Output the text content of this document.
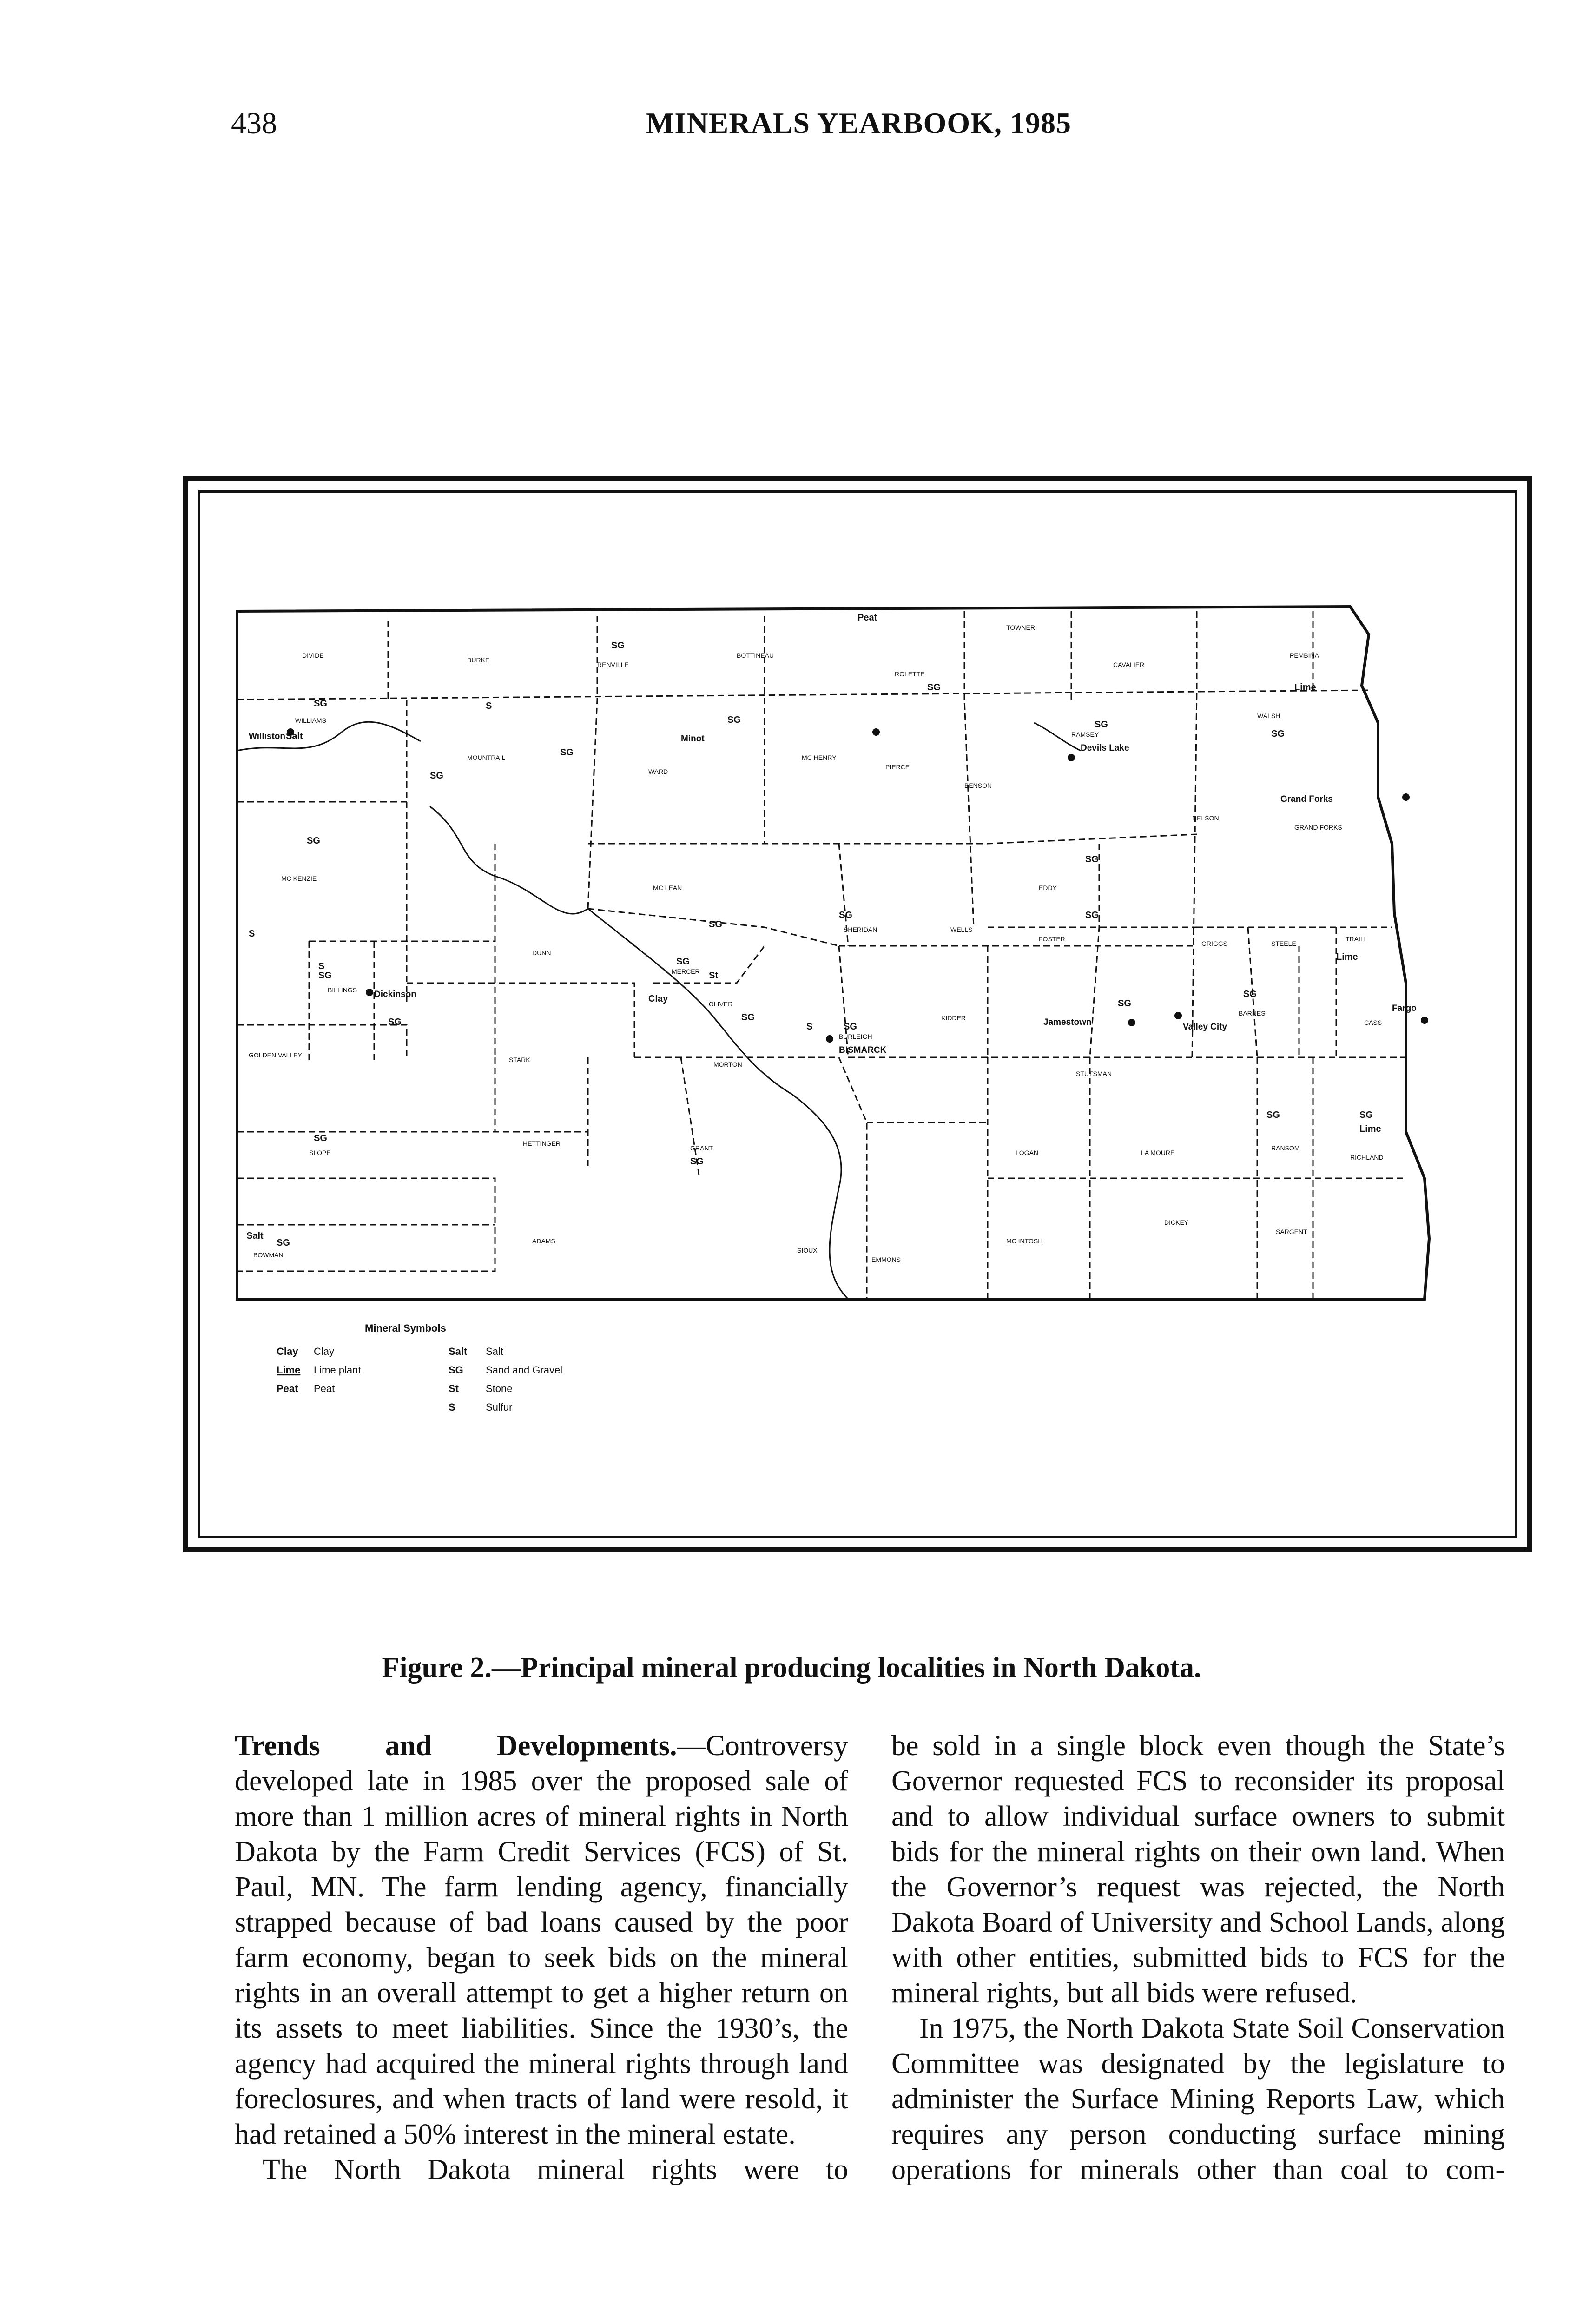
438	MINERALS YEARBOOK, 1985
DIVIDE
BURKE
RENVILLE
BOTTINEAU
ROLETTE
TOWNER
CAVALIER
PEMBINA
WILLIAMS
MOUNTRAIL
WARD
MC HENRY
PIERCE
BENSON
RAMSEY
WALSH
NELSON
GRAND FORKS
MC KENZIE
MC LEAN
SHERIDAN	WELLS
EDDY
FOSTER
GRIGGS	STEELE
TRAILL
DUNN
MERCER
OLIVER
BURLEIGH
KIDDER
STUTSMAN
BARNES
CASS
BILLINGS
GOLDEN VALLEY
STARK
MORTON
SLOPE
HETTINGER
GRANT
LOGAN	LA MOURE
RANSOM
RICHLAND
BOWMAN
ADAMS
SIOUX
EMMONS
MC INTOSH
DICKEY
SARGENT
Williston	Minot
Devils Lake
Grand Forks
Dickinson
BISMARCK
Jamestown	Valley City
Fargo
Peat
SG
SG	Lime
SG	S
Salt
SG
SG
SG
SG
SG
SG
SG
SG
SG
SG
Lime
S
SG
St
S
SG
Clay	SG
SG
SG	SG
SG
S
SG	SG
Lime
SG
SG
Salt
SG
Mineral Symbols
Clay Clay
Lime Lime plant
Peat Peat
Salt Salt
SG Sand and Gravel
St	Stone
S	Sulfur
Figure 2.—Principal mineral producing localities in North Dakota.

Trends and Developments.—Controversy developed late in 1985 over the proposed sale of more than 1 million acres of mineral rights in North Dakota by the Farm Credit Services (FCS) of St. Paul, MN. The farm lending agency, financially strapped because of bad loans caused by the poor farm economy, began to seek bids on the mineral rights in an overall attempt to get a higher return on its assets to meet liabilities. Since the 1930’s, the agency had acquired the mineral rights through land foreclosures, and when tracts of land were resold, it had retained a 50% interest in the mineral estate.

The North Dakota mineral rights were to

be sold in a single block even though the State’s Governor requested FCS to reconsider its proposal and to allow individual surface owners to submit bids for the mineral rights on their own land. When the Governor’s request was rejected, the North Dakota Board of University and School Lands, along with other entities, submitted bids to FCS for the mineral rights, but all bids were refused.

In 1975, the North Dakota State Soil Conservation Committee was designated by the legislature to administer the Surface Mining Reports Law, which requires any person conducting surface mining operations for minerals other than coal to com-
